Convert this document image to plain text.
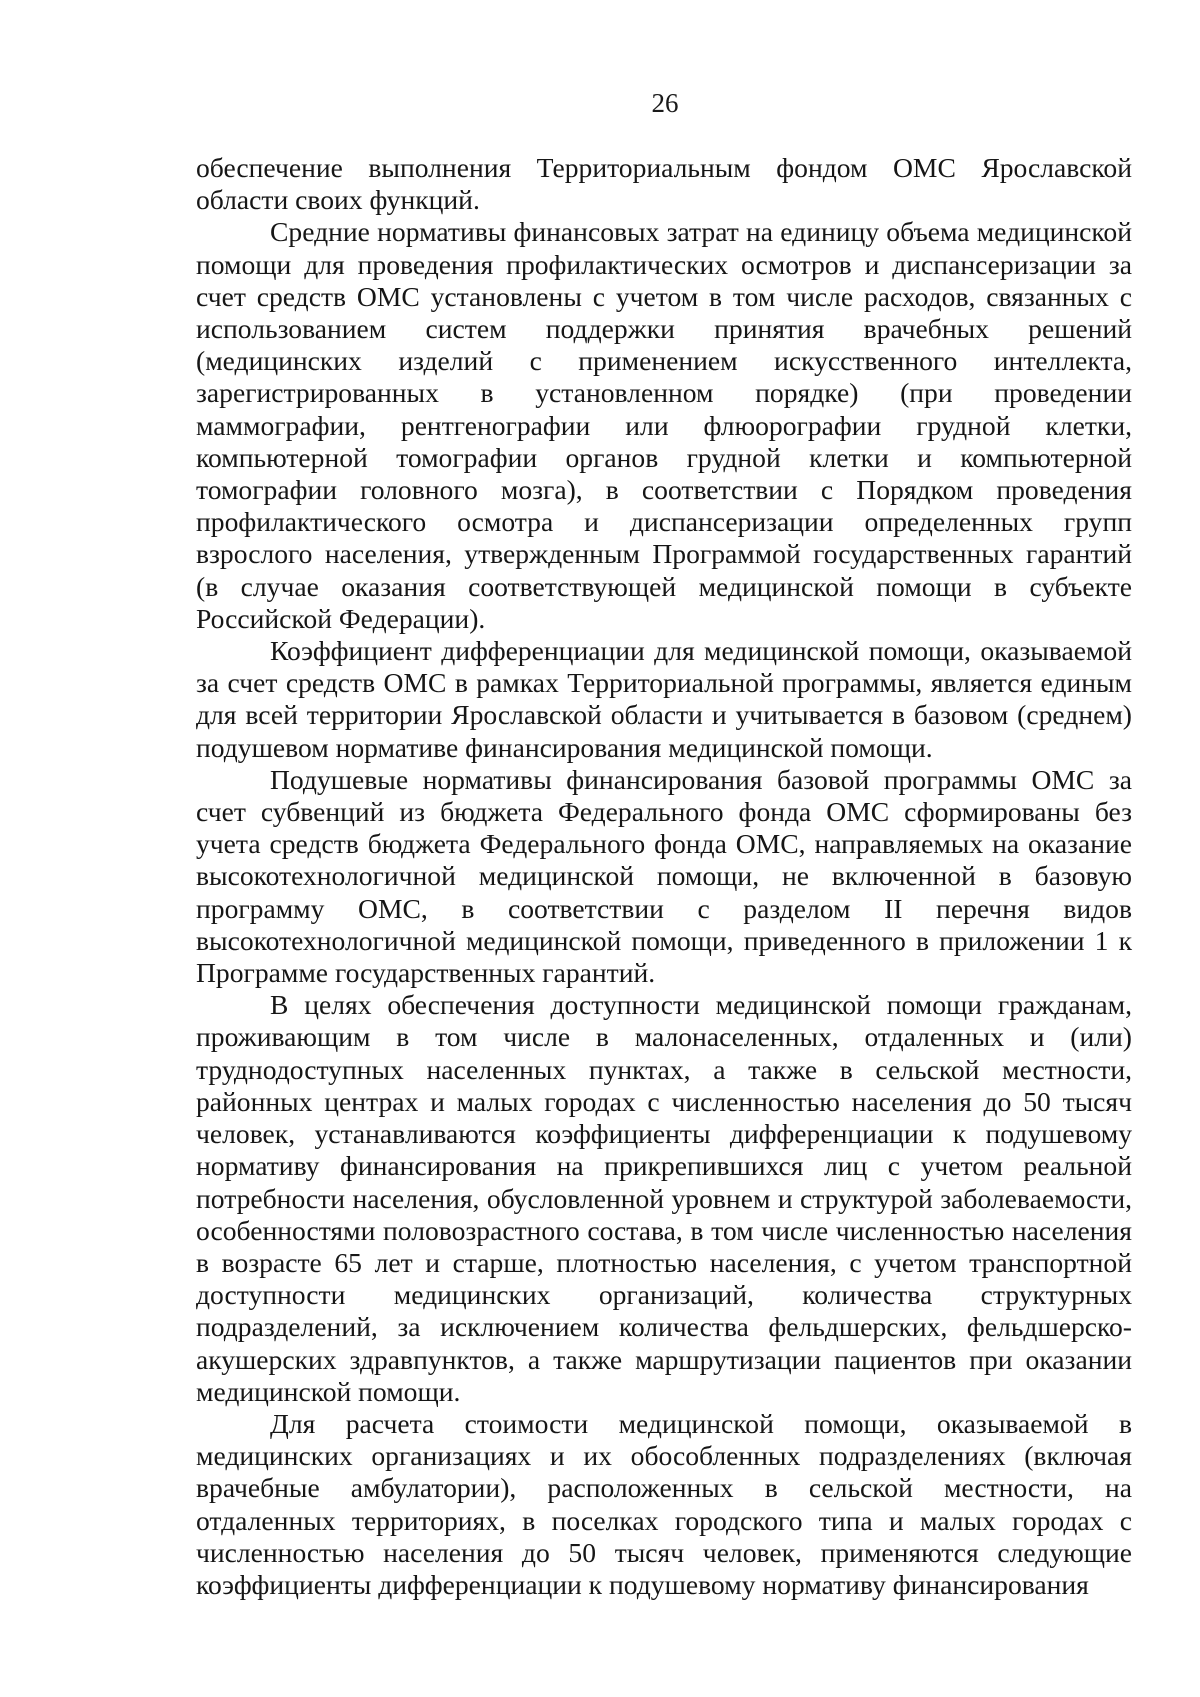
26

обеспечение выполнения Территориальным фондом ОМС Ярославской области своих функций.

Средние нормативы финансовых затрат на единицу объема медицинской помощи для проведения профилактических осмотров и диспансеризации за счет средств ОМС установлены с учетом в том числе расходов, связанных с использованием систем поддержки принятия врачебных решений (медицинских изделий с применением искусственного интеллекта, зарегистрированных в установленном порядке) (при проведении маммографии, рентгенографии или флюорографии грудной клетки, компьютерной томографии органов грудной клетки и компьютерной томографии головного мозга), в соответствии с Порядком проведения профилактического осмотра и диспансеризации определенных групп взрослого населения, утвержденным Программой государственных гарантий (в случае оказания соответствующей медицинской помощи в субъекте Российской Федерации).

Коэффициент дифференциации для медицинской помощи, оказываемой за счет средств ОМС в рамках Территориальной программы, является единым для всей территории Ярославской области и учитывается в базовом (среднем) подушевом нормативе финансирования медицинской помощи.

Подушевые нормативы финансирования базовой программы ОМС за счет субвенций из бюджета Федерального фонда ОМС сформированы без учета средств бюджета Федерального фонда ОМС, направляемых на оказание высокотехнологичной медицинской помощи, не включенной в базовую программу ОМС, в соответствии с разделом II перечня видов высокотехнологичной медицинской помощи, приведенного в приложении 1 к Программе государственных гарантий.

В целях обеспечения доступности медицинской помощи гражданам, проживающим в том числе в малонаселенных, отдаленных и (или) труднодоступных населенных пунктах, а также в сельской местности, районных центрах и малых городах с численностью населения до 50 тысяч человек, устанавливаются коэффициенты дифференциации к подушевому нормативу финансирования на прикрепившихся лиц с учетом реальной потребности населения, обусловленной уровнем и структурой заболеваемости, особенностями половозрастного состава, в том числе численностью населения в возрасте 65 лет и старше, плотностью населения, с учетом транспортной доступности медицинских организаций, количества структурных подразделений, за исключением количества фельдшерских, фельдшерско-акушерских здравпунктов, а также маршрутизации пациентов при оказании медицинской помощи.

Для расчета стоимости медицинской помощи, оказываемой в медицинских организациях и их обособленных подразделениях (включая врачебные амбулатории), расположенных в сельской местности, на отдаленных территориях, в поселках городского типа и малых городах с численностью населения до 50 тысяч человек, применяются следующие коэффициенты дифференциации к подушевому нормативу финансирования
